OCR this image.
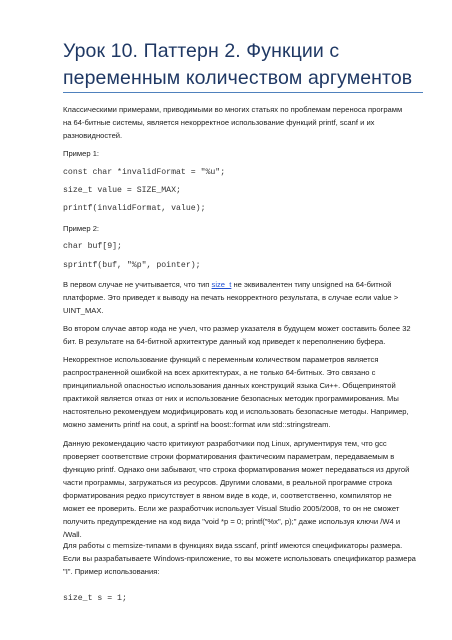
Урок 10. Паттерн 2. Функции с
переменным количеством аргументов
Классическими примерами, приводимыми во многих статьях по проблемам переноса программ
на 64-битные системы, является некорректное использование функций printf, scanf и их
разновидностей.
Пример 1:
const char *invalidFormat = "%u";
size_t value = SIZE_MAX;
printf(invalidFormat, value);
Пример 2:
char buf[9];
sprintf(buf, "%p", pointer);
В первом случае не учитывается, что тип size_t не эквивалентен типу unsigned на 64-битной
платформе. Это приведет к выводу на печать некорректного результата, в случае если value >
UINT_MAX.
Во втором случае автор кода не учел, что размер указателя в будущем может составить более 32
бит. В результате на 64-битной архитектуре данный код приведет к переполнению буфера.
Некорректное использование функций с переменным количеством параметров является
распространенной ошибкой на всех архитектурах, а не только 64-битных. Это связано с
принципиальной опасностью использования данных конструкций языка Си++. Общепринятой
практикой является отказ от них и использование безопасных методик программирования. Мы
настоятельно рекомендуем модифицировать код и использовать безопасные методы. Например,
можно заменить printf на cout, а sprintf на boost::format или std::stringstream.
Данную рекомендацию часто критикуют разработчики под Linux, аргументируя тем, что gcc
проверяет соответствие строки форматирования фактическим параметрам, передаваемым в
функцию printf. Однако они забывают, что строка форматирования может передаваться из другой
части программы, загружаться из ресурсов. Другими словами, в реальной программе строка
форматирования редко присутствует в явном виде в коде, и, соответственно, компилятор не
может ее проверить. Если же разработчик использует Visual Studio 2005/2008, то он не сможет
получить предупреждение на код вида "void *p = 0; printf("%x", p);" даже используя ключи /W4 и
/Wall.
Для работы с memsize-типами в функциях вида sscanf, printf имеются спецификаторы размера.
Если вы разрабатываете Windows-приложение, то вы можете использовать спецификатор размера
"I". Пример использования:
size_t s = 1;
